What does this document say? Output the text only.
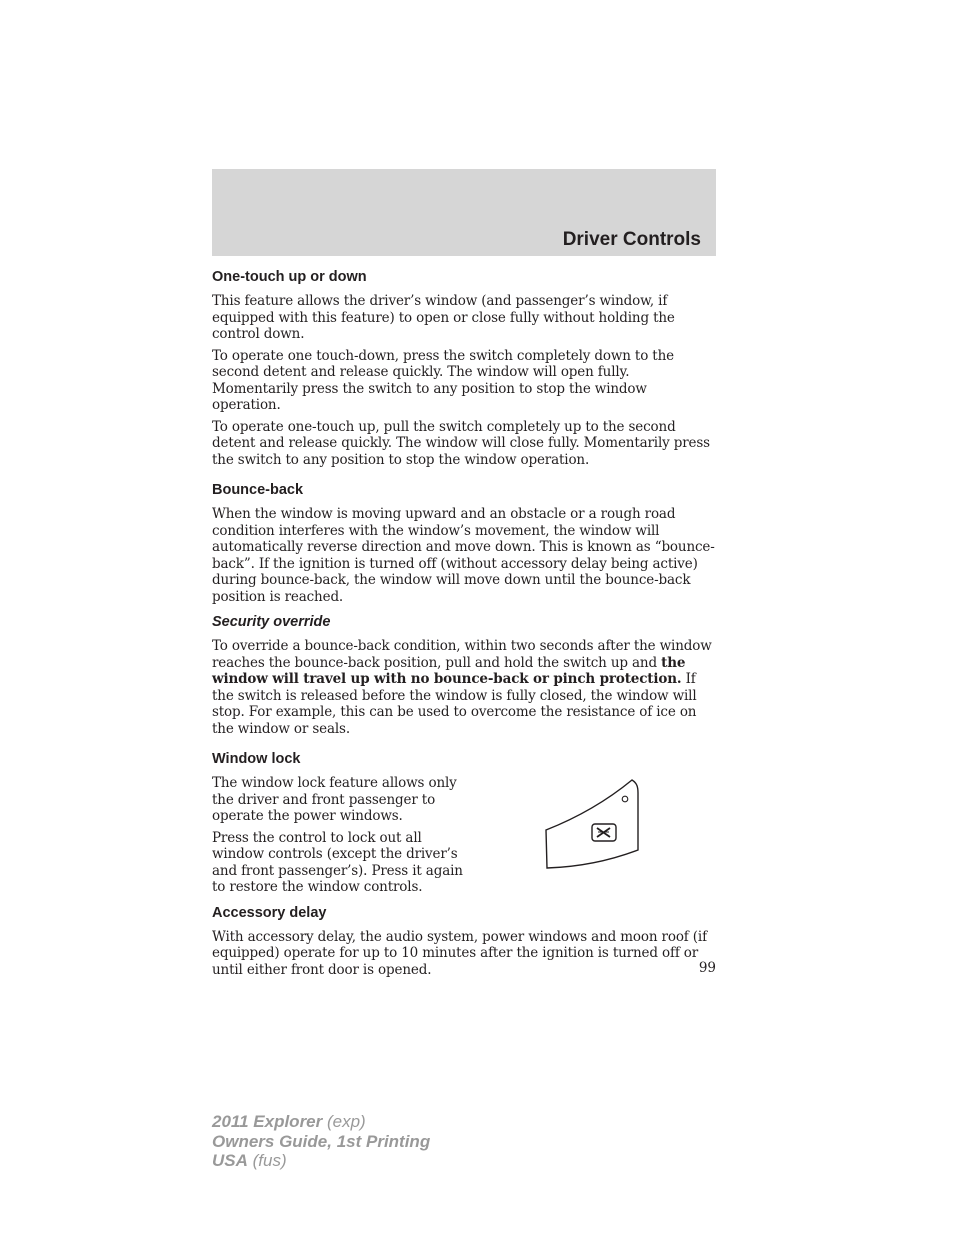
Driver Controls
One-touch up or down

This feature allows the driver’s window (and passenger’s window, if equipped with this feature) to open or close fully without holding the control down.

To operate one touch-down, press the switch completely down to the second detent and release quickly. The window will open fully. Momentarily press the switch to any position to stop the window operation.

To operate one-touch up, pull the switch completely up to the second detent and release quickly. The window will close fully. Momentarily press the switch to any position to stop the window operation.

Bounce-back

When the window is moving upward and an obstacle or a rough road condition interferes with the window’s movement, the window will automatically reverse direction and move down. This is known as “bounce-back”. If the ignition is turned off (without accessory delay being active) during bounce-back, the window will move down until the bounce-back position is reached.

Security override

To override a bounce-back condition, within two seconds after the window reaches the bounce-back position, pull and hold the switch up and the window will travel up with no bounce-back or pinch protection. If the switch is released before the window is fully closed, the window will stop. For example, this can be used to overcome the resistance of ice on the window or seals.

Window lock

The window lock feature allows only the driver and front passenger to operate the power windows.

Press the control to lock out all window controls (except the driver’s and front passenger’s). Press it again to restore the window controls.

Accessory delay

With accessory delay, the audio system, power windows and moon roof (if equipped) operate for up to 10 minutes after the ignition is turned off or until either front door is opened.	99
2011 Explorer (exp)
Owners Guide, 1st Printing
USA (fus)
